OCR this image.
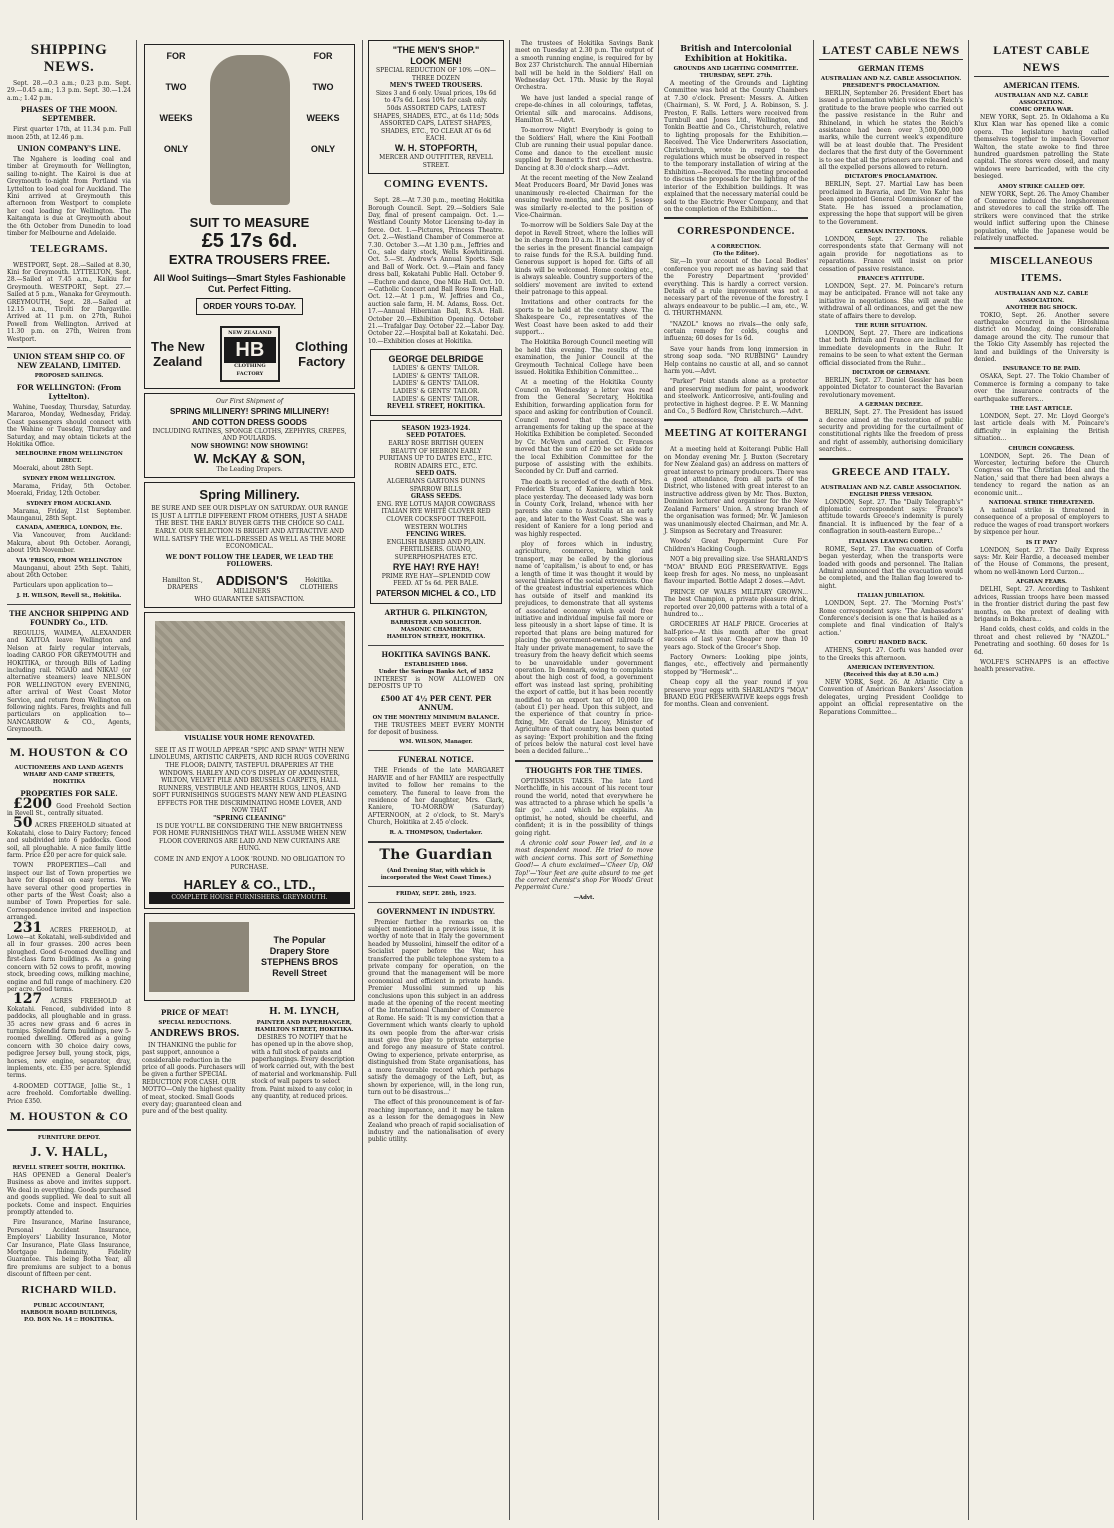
SHIPPING NEWS.
Sept. 28.—0.3 a.m.; 0.23 p.m. Sept. 29.—0.45 a.m.; 1.3 p.m. Sept. 30.—1.24 a.m.; 1.42 p.m.
PHASES OF THE MOON. SEPTEMBER.
First quarter 17th, at 11.34 p.m. Full moon 25th, at 12.46 p.m.
UNION COMPANY'S LINE.
The Ngahere is loading coal and timber at Greymouth for Wellington, sailing to-night. The Kairoi is due at Greymouth to-night from Portland via Lyttelton to load coal for Auckland. The Kini arrived at Greymouth this afternoon from Westport to complete her coal loading for Wellington. The Kaitangata is due at Greymouth about the 6th October from Dunedin to load timber for Melbourne and Adelaide.
TELEGRAMS.
WESTPORT, Sept. 28.—Sailed at 8.30, Kini for Greymouth. LYTTELTON, Sept. 28.—Sailed at 7.45 a.m., Kaikiu for Greymouth. WESTPORT, Sept. 27.—Sailed at 5 p.m., Wanaka for Greymouth. GREYMOUTH, Sept. 28.—Sailed at 12.15 a.m., Tiroiti for Dargaville. Arrived at 11 p.m. on 27th, Ruhoi Powell from Wellington. Arrived at 11.30 p.m. on 27th, Weiren from Westport.
UNION STEAM SHIP CO. OF NEW ZEALAND, LIMITED.
PROPOSED SAILINGS.
FOR WELLINGTON: (From Lyttelton).
Wahine, Tuesday, Thursday, Saturday. Mararoa, Monday, Wednesday, Friday. Coast passengers should connect with the Wahine or Tuesday, Thursday and Saturday, and may obtain tickets at the Hokitika Office.
MELBOURNE FROM WELLINGTON DIRECT.
Moeraki, about 28th Sept.
SYDNEY FROM WELLINGTON.
Marama, Friday, 5th October. Moeraki, Friday, 12th October.
SYDNEY FROM AUCKLAND.
Marama, Friday, 21st September. Maunganui, 28th Sept.
CANADA, AMERICA, LONDON, Etc.
Via Vancouver, from Auckland: Makura, about 9th October. Aorangi, about 19th November.
VIA 'FRISCO, FROM WELLINGTON
Maunganui, about 25th Sept. Tahiti, about 26th October.
Particulars upon application to—
J. H. WILSON, Revell St., Hokitika.
THE ANCHOR SHIPPING AND FOUNDRY Co., LTD.
REGULUS, WAIMEA, ALEXANDER and KAITOA leave Wellington and Nelson at fairly regular intervals, loading CARGO FOR GREYMOUTH and HOKITIKA, or through Bills of Lading including rail. NGAIO and NIKAU (or alternative steamers) leave NELSON FOR WELLINGTON every EVENING, after arrival of West Coast Motor Service, and return from Wellington on following nights. Fares, freights and full particulars on application to— NANCARROW & CO., Agents, Greymouth.
M. HOUSTON & CO
AUCTIONEERS AND LAND AGENTS
WHARF AND CAMP STREETS, HOKITIKA
PROPERTIES FOR SALE.
£200 Good Freehold Section in Revell St., centrally situated.
50 ACRES FREEHOLD situated at Kokatahi, close to Dairy Factory; fenced and subdivided into 6 paddocks. Good soil, all ploughable. A nice family little farm. Price £20 per acre for quick sale.
TOWN PROPERTIES—Call and inspect our list of Town properties we have for disposal on easy terms. We have several other good properties in other parts of the West Coast; also a number of Town Properties for sale. Correspondence invited and inspection arranged.
231 ACRES FREEHOLD, at Lowe—at Kokatahi, well-subdivided and all in four grasses. 200 acres been ploughed. Good 6-roomed dwelling and first-class farm buildings. As a going concern with 52 cows to profit, mowing stock, breeding cows, milking machine, engine and full range of machinery. £20 per acre. Good terms.
127 ACRES FREEHOLD at Kokatahi. Fenced, subdivided into 8 paddocks, all ploughable and in grass. 35 acres new grass and 6 acres in turnips. Splendid farm buildings, new 5-roomed dwelling. Offered as a going concern with 30 choice dairy cows, pedigree Jersey bull, young stock, pigs, horses, new engine, separator, dray, implements, etc. £35 per acre. Splendid terms.
4-ROOMED COTTAGE, Jollie St., 1 acre freehold. Comfortable dwelling. Price £350.
M. HOUSTON & CO
FURNITURE DEPOT.
J. V. HALL,
REVELL STREET SOUTH, HOKITIKA.
HAS OPENED a General Dealer's Business as above and invites support. We deal in everything. Goods purchased and goods supplied. We deal to suit all pockets. Come and inspect. Enquiries promptly attended to.
Fire Insurance, Marine Insurance, Personal Accident Insurance, Employers' Liability Insurance, Motor Car Insurance, Plate Glass Insurance, Mortgage Indemnity, Fidelity Guarantee. This being Botha Year, all fire premiums are subject to a bonus discount of fifteen per cent.
RICHARD WILD.
PUBLIC ACCOUNTANT,
HARBOUR BOARD BUILDINGS,
P.O. BOX No. 14 :: HOKITIKA.
FOR
TWO
WEEKS
ONLY
FOR
TWO
WEEKS
ONLY
SUIT TO MEASURE
£5 17s 6d.
EXTRA TROUSERS FREE.
All Wool Suitings—Smart Styles Fashionable Cut. Perfect Fitting.
ORDER YOURS TO-DAY.
The New
Zealand
NEW ZEALAND
HB
CLOTHING FACTORY
Clothing
Factory
Our First Shipment of
SPRING MILLINERY! SPRING MILLINERY!
AND COTTON DRESS GOODS
INCLUDING RATINES, SPONGE CLOTHS, ZEPHYRS, CREPES, AND FOULARDS.
NOW SHOWING! NOW SHOWING!
W. McKAY & SON,
The Leading Drapers.
Spring Millinery.
BE SURE AND SEE OUR DISPLAY ON SATURDAY. OUR RANGE IS JUST A LITTLE DIFFERENT FROM OTHERS, JUST A SHADE THE BEST. THE EARLY BUYER GETS THE CHOICE SO CALL EARLY. OUR SELECTION IS BRIGHT AND ATTRACTIVE AND WILL SATISFY THE WELL-DRESSED AS WELL AS THE MORE ECONOMICAL.
WE DON'T FOLLOW THE LEADER, WE LEAD THE FOLLOWERS.
Hamilton St., DRAPERS	ADDISON'S
MILLINERS
Hokitika. CLOTHIERS
WHO GUARANTEE SATISFACTION.
VISUALISE YOUR HOME RENOVATED.
SEE IT AS IT WOULD APPEAR "SPIC AND SPAN" WITH NEW LINOLEUMS, ARTISTIC CARPETS, AND RICH RUGS COVERING THE FLOOR; DAINTY, TASTEFUL DRAPERIES AT THE WINDOWS. HARLEY AND CO'S DISPLAY OF AXMINSTER, WILTON, VELVET PILE AND BRUSSELS CARPETS, HALL RUNNERS, VESTIBULE AND HEARTH RUGS, LINOS, AND SOFT FURNISHINGS SUGGESTS MANY NEW AND PLEASING EFFECTS FOR THE DISCRIMINATING HOME LOVER, AND NOW THAT
"SPRING CLEANING"
IS DUE YOU'LL BE CONSIDERING THE NEW BRIGHTNESS FOR HOME FURNISHINGS THAT WILL ASSUME WHEN NEW FLOOR COVERINGS ARE LAID AND NEW CURTAINS ARE HUNG.
COME IN AND ENJOY A LOOK 'ROUND. NO OBLIGATION TO PURCHASE.
HARLEY & CO., LTD.,
COMPLETE HOUSE FURNISHERS. GREYMOUTH.
The Popular
Drapery Store
STEPHENS BROS
Revell Street
PRICE OF MEAT!
SPECIAL REDUCTIONS.
ANDREWS BROS.
IN THANKING the public for past support, announce a considerable reduction in the price of all goods. Purchasers will be given a further SPECIAL REDUCTION FOR CASH. OUR MOTTO—Only the highest quality of meat, stocked. Small Goods every day; guaranteed clean and pure and of the best quality.
H. M. LYNCH,
PAINTER AND PAPERHANGER,
HAMILTON STREET, HOKITIKA.
DESIRES TO NOTIFY that he has opened up in the above shop, with a full stock of paints and paperhangings. Every description of work carried out, with the best of material and workmanship. Full stock of wall papers to select from. Paint mixed to any color, in any quantity, at reduced prices.
"THE MEN'S SHOP."
LOOK MEN!
SPECIAL REDUCTION OF 10% —ON— THREE DOZEN
MEN'S TWEED TROUSERS.
Sizes 3 and 6 only. Usual prices, 19s 6d to 47s 6d. Less 10% for cash only.
50ds ASSORTED CAPS, LATEST SHAPES, SHADES, ETC., at 6s 11d; 50ds ASSORTED CAPS, LATEST SHAPES, SHADES, ETC., TO CLEAR AT 6s 6d EACH.
W. H. STOPFORTH,
MERCER AND OUTFITTER, REVELL STREET.
COMING EVENTS.
Sept. 28.—At 7.30 p.m., meeting Hokitika Borough Council. Sept. 29.—Soldiers Sale Day, final of present campaign. Oct. 1.—Westland County Motor Licensing to-day in force. Oct. 1.—Pictures, Princess Theatre. Oct. 2.—Westland Chamber of Commerce at 7.30. October 3.—At 1.30 p.m., Jeffries and Co., sale dairy stock, Wells Kowhitirangi. Oct. 5.—St. Andrew's Annual Sports. Sale and Ball of Work. Oct. 9.—Plain and fancy dress ball, Kokatahi Public Hall. October 9.—Euchre and dance, One Mile Hall. Oct. 10.—Catholic Concert and Ball Ross Town Hall. Oct. 12.—At 1 p.m., W. Jeffries and Co., auction sale farm, H. M. Adams, Ross. Oct. 17.—Annual Hibernian Ball, R.S.A. Hall. October 20.—Exhibition Opening. October 21.—Trafalgar Day. October 22.—Labor Day. October 22.—Hospital ball at Kokatahi. Dec. 10.—Exhibition closes at Hokitika.
GEORGE DELBRIDGE
LADIES' & GENTS' TAILOR.
LADIES' & GENTS' TAILOR.
LADIES' & GENTS' TAILOR.
LADIES' & GENTS' TAILOR.
LADIES' & GENTS' TAILOR.
REVELL STREET, HOKITIKA.
SEASON 1923-1924.
SEED POTATOES.
EARLY ROSE BRITISH QUEEN BEAUTY OF HEBRON EARLY PURITANS UP TO DATES ETC., ETC. ROBIN ADAIRS ETC., ETC.
SEED OATS.
ALGERIANS GARTONS DUNNS SPARROW BILLS
GRASS SEEDS.
ENG. RYE LOTUS MAJOR COWGRASS ITALIAN RYE WHITE CLOVER RED CLOVER COCKSFOOT TREFOIL WESTERN WOLTHS
FENCING WIRES.
ENGLISH BARBED AND PLAIN. FERTILISERS. GUANO, SUPERPHOSPHATES ETC.
RYE HAY! RYE HAY!
PRIME RYE HAY—SPLENDID COW FEED. AT 5s 6d. PER BALE.
PATERSON MICHEL & CO., LTD
ARTHUR G. PILKINGTON,
BARRISTER AND SOLICITOR.
MASONIC CHAMBERS,
HAMILTON STREET, HOKITIKA.
HOKITIKA SAVINGS BANK.
ESTABLISHED 1866.
Under the Savings Banks Act, of 1852
INTEREST is NOW ALLOWED ON DEPOSITS UP TO
£500 AT 4½ PER CENT. PER ANNUM.
ON THE MONTHLY MINIMUM BALANCE.
THE TRUSTEES MEET EVERY MONTH for deposit of business.
WM. WILSON, Manager.
FUNERAL NOTICE.
THE Friends of the late MARGARET HARVIE and of her FAMILY are respectfully invited to follow her remains to the cemetery. The funeral to leave from the residence of her daughter, Mrs. Clark, Kaniere, TO-MORROW (Saturday) AFTERNOON, at 2 o'clock, to St. Mary's Church, Hokitika at 2.45 o'clock.
R. A. THOMPSON, Undertaker.
The Guardian
(And Evening Star, with which is incorporated the West Coast Times.)
FRIDAY, SEPT. 28th, 1923.
GOVERNMENT IN INDUSTRY.
Premier further the remarks on the subject mentioned in a previous issue, it is worthy of note that in Italy the government headed by Mussolini, himself the editor of a Socialist paper before the War, has transferred the public telephone system to a private company for operation, on the ground that the management will be more economical and efficient in private hands. Premier Mussolini summed up his conclusions upon this subject in an address made at the opening of the recent meeting of the International Chamber of Commerce at Rome. He said: 'It is my conviction that a Government which wants clearly to uphold its own people from the after-war crisis must give free play to private enterprise and forego any measure of State control. Owing to experience, private enterprise, as distinguished from State organisations, has a more favourable record which perhaps satisfy the demagogy of the Left, but, as shown by experience, will, in the long run, turn out to be disastrous...'
The effect of this pronouncement is of far-reaching importance, and it may be taken as a lesson for the demagogues in New Zealand who preach of rapid socialisation of industry and the nationalisation of every public utility.
The trustees of Hokitika Savings Bank meet on Tuesday at 2.30 p.m. The output of a smooth running engine, is required for by Box 237 Christchurch. The annual Hibernian ball will be held in the Soldiers' Hall on Wednesday Oct. 17th. Music by the Royal Orchestra.
We have just landed a special range of crepe-de-chines in all colourings, taffetas, Oriental silk and marocains. Addisons, Hamilton St.—Advt.
To-morrow Night! Everybody is going to the Soldiers' Hall, where the Kini Football Club are running their usual popular dance. Come and dance to the excellent music supplied by Bennett's first class orchestra. Dancing at 8.30 o'clock sharp.—Advt.
At the recent meeting of the New Zealand Meat Producers Board, Mr David Jones was unanimously re-elected Chairman for the ensuing twelve months, and Mr. J. S. Jessop was similarly re-elected to the position of Vice-Chairman.
To-morrow will be Soldiers Sale Day at the depot in Revell Street, where the lollies will be in charge from 10 a.m. It is the last day of the series in the present financial campaign to raise funds for the R.S.A. building fund. Generous support is hoped for. Gifts of all kinds will be welcomed. Home cooking etc., is always saleable. Country supporters of the soldiers' movement are invited to extend their patronage to this appeal.
Invitations and other contracts for the sports to be held at the county show. The Shakespeare Co., representatives of the West Coast have been asked to add their support...
The Hokitika Borough Council meeting will be held this evening. The results of the examination, the Junior Council at the Greymouth Technical College have been issued. Hokitika Exhibition Committee...
At a meeting of the Hokitika County Council on Wednesday a letter was read from the General Secretary, Hokitika Exhibition, forwarding application form for space and asking for contribution of Council. Council moved that the necessary arrangements for taking up the space at the Hokitika Exhibition be completed. Seconded by Cr. McVeyn and carried. Cr. Frances moved that the sum of £20 be set aside for the local Exhibition Committee for the purpose of assisting with the exhibits. Seconded by Cr. Duff and carried.
The death is recorded of the death of Mrs. Frederick Stuart, of Kaniere, which took place yesterday. The deceased lady was born in County Cork, Ireland, whence with her parents she came to Australia at an early age, and later to the West Coast. She was a resident of Kaniere for a long period and was highly respected.
ploy of forces which in industry, agriculture, commerce, banking and transport, may be called by the glorious name of 'capitalism,' is about to end, or has a length of time it was thought it would by several thinkers of the social extremists. One of the greatest industrial experiences which has outside of itself and mankind its prejudices, to demonstrate that all systems of associated economy which avoid free initiative and individual impulse fail more or less piteously in a short lapse of time. It is reported that plans are being matured for placing the government-owned railroads of Italy under private management, to save the treasury from the heavy deficit which seems to be unavoidable under government operation. In Denmark, owing to complaints about the high cost of food, a government effort was instead last spring, prohibiting the export of cattle, but it has been recently modified to an export tax of 10,000 lire (about £1) per head. Upon this subject, and the experience of that country in price-fixing, Mr. Gerald de Lacey, Minister of Agriculture of that country, has been quoted as saying: 'Export prohibition and the fixing of prices below the natural cost level have been a decided failure...'
THOUGHTS FOR THE TIMES.
OPTIMISMUS TAKES. The late Lord Northcliffe, in his account of his recent tour round the world, noted that everywhere he was attracted to a phrase which he spells 'a fair go.' ...and which he explains. An optimist, he noted, should be cheerful, and confident; it is in the possibility of things going right.
A chronic cold sour Power led, and in a most despondent mood. He tried to move with ancient corns. This sort of Something Good!— A chum exclaimed—'Cheer Up, Old Top!'—'Your feet are quite absurd to me get the correct chemist's shop For Woods' Great Peppermint Cure.'
—Advt.
British and Intercolonial Exhibition at Hokitika.
GROUNDS AND LIGHTING COMMITTEE.
THURSDAY, SEPT. 27th.
A meeting of the Grounds and Lighting Committee was held at the County Chambers at 7.30 o'clock. Present: Messrs. A. Aitken (Chairman), S. W. Ford, J. A. Robinson, S. J. Preston, F. Ralls. Letters were received from Turnbull and Jones Ltd., Wellington, and Tonkin Beattie and Co., Christchurch, relative to lighting proposals for the Exhibition.—Received. The Vice Underwriters Association, Christchurch, wrote in regard to the regulations which must be observed in respect to the temporary installation of wiring at the Exhibition.—Received. The meeting proceeded to discuss the proposals for the lighting of the interior of the Exhibition buildings. It was explained that the necessary material could be sold to the Electric Power Company, and that on the completion of the Exhibition...
CORRESPONDENCE.
A CORRECTION.
(To the Editor).
Sir,—In your account of the Local Bodies' conference you report me as having said that the Forestry Department 'provided' everything. This is hardly a correct version. Details of a rule improvement was not a necessary part of the revenue of the forestry. I always endeavour to be public.—I am, etc., W. G. THURTHMANN.
"NAZOL" knows no rivals—the only safe, certain remedy for colds, coughs and influenza; 60 doses for 1s 6d.
Save your hands from long immersion in strong soap soda. "NO RUBBING" Laundry Help contains no caustic at all, and so cannot harm you.—Advt.
"Parker" Point stands alone as a protector and preserving medium for paint, woodwork and steelwork. Anticorrosive, anti-fouling and protective in highest degree. P. E. W. Manning and Co., 5 Bedford Row, Christchurch.—Advt.
MEETING AT KOITERANGI
At a meeting held at Koiterangi Public Hall on Monday evening Mr. J. Buxton (Secretary for New Zealand gas) an address on matters of great interest to primary producers. There was a good attendance, from all parts of the District, who listened with great interest to an instructive address given by Mr. Thos. Buxton, Dominion lecturer and organiser for the New Zealand Farmers' Union. A strong branch of the organisation was formed; Mr. W. Jamieson was unanimously elected Chairman, and Mr. A. J. Simpson as Secretary and Treasurer.
Woods' Great Peppermint Cure For Children's Hacking Cough.
NOT a big prevailing size. Use SHARLAND'S "MOA" BRAND EGG PRESERVATIVE. Eggs keep fresh for ages. No mess, no unpleasant flavour imparted. Bottle Adapt 2 doses.—Advt.
PRINCE OF WALES MILITARY GROWN... The best Champion, a private pleasure drink, reported over 20,000 patterns with a total of a hundred to...
GROCERIES AT HALF PRICE. Groceries at half-price—At this month after the great success of last year. Cheaper now than 10 years ago. Stock of the Grocer's Shop.
Factory Owners: Looking pipe joints, flanges, etc., effectively and permanently stopped by "Hermesk"...
Cheap copy all the year round if you preserve your eggs with SHARLAND'S "MOA" BRAND EGG PRESERVATIVE keeps eggs fresh for months. Clean and convenient.
LATEST CABLE NEWS
GERMAN ITEMS
AUSTRALIAN AND N.Z. CABLE ASSOCIATION.
PRESIDENT'S PROCLAMATION.
BERLIN, September 26. President Ebert has issued a proclamation which voices the Reich's gratitude to the brave people who carried out the passive resistance in the Ruhr and Rhineland, in which he states the Reich's assistance had been over 3,500,000,000 marks, while the current week's expenditure will be at least double that. The President declares that the first duty of the Government is to see that all the prisoners are released and all the expelled persons allowed to return.
DICTATOR'S PROCLAMATION.
BERLIN, Sept. 27. Martial Law has been proclaimed in Bavaria, and Dr. Von Kahr has been appointed General Commissioner of the State. He has issued a proclamation, expressing the hope that support will be given to the Government.
GERMAN INTENTIONS.
LONDON, Sept. 27. The reliable correspondents state that Germany will not again provide for negotiations as to reparations. France will insist on prior cessation of passive resistance.
FRANCE'S ATTITUDE.
LONDON, Sept. 27. M. Poincare's return may be anticipated. France will not take any initiative in negotiations. She will await the withdrawal of all ordinances, and get the new state of affairs there to develop.
THE RUHR SITUATION.
LONDON, Sept. 27. There are indications that both Britain and France are inclined for immediate developments in the Ruhr. It remains to be seen to what extent the German official dissociated from the Ruhr...
DICTATOR OF GERMANY.
BERLIN, Sept. 27. Daniel Gessler has been appointed Dictator to counteract the Bavarian revolutionary movement.
A GERMAN DECREE.
BERLIN, Sept. 27. The President has issued a decree aimed at the restoration of public security and providing for the curtailment of constitutional rights like the freedom of press and right of assembly, authorising domiciliary searches...
GREECE AND ITALY.
AUSTRALIAN AND N.Z. CABLE ASSOCIATION.
ENGLISH PRESS VERSION.
LONDON, Sept. 27. The "Daily Telegraph's" diplomatic correspondent says: 'France's attitude towards Greece's indemnity is purely financial. It is influenced by the fear of a conflagration in south-eastern Europe...'
ITALIANS LEAVING CORFU.
ROME, Sept. 27. The evacuation of Corfu began yesterday, when the transports were loaded with goods and personnel. The Italian Admiral announced that the evacuation would be completed, and the Italian flag lowered to-night.
ITALIAN JUBILATION.
LONDON, Sept. 27. The 'Morning Post's' Rome correspondent says: 'The Ambassadors' Conference's decision is one that is hailed as a complete and final vindication of Italy's action.'
CORFU HANDED BACK.
ATHENS, Sept. 27. Corfu was handed over to the Greeks this afternoon.
AMERICAN INTERVENTION.
(Received this day at 8.50 a.m.)
NEW YORK, Sept. 26. At Atlantic City a Convention of American Bankers' Association delegates, urging President Coolidge to appoint an official representative on the Reparations Committee...
LATEST CABLE NEWS
AMERICAN ITEMS.
AUSTRALIAN AND N.Z. CABLE ASSOCIATION.
COMIC OPERA WAR.
NEW YORK, Sept. 25. In Oklahoma a Ku Klux Klan war has opened like a comic opera. The legislature having called themselves together to impeach Governor Walton, the state awoke to find three hundred guardsmen patrolling the State capital. The stores were closed, and many windows were barricaded, with the city besieged.
AMOY STRIKE CALLED OFF.
NEW YORK, Sept. 26. The Amoy Chamber of Commerce induced the longshoremen and stevedores to call the strike off. The strikers were convinced that the strike would inflict suffering upon the Chinese population, while the Japanese would be relatively unaffected.
MISCELLANEOUS ITEMS.
AUSTRALIAN AND N.Z. CABLE ASSOCIATION.
ANOTHER BIG SHOCK.
TOKIO, Sept. 26. Another severe earthquake occurred in the Hiroshima district on Monday, doing considerable damage around the city. The rumour that the Tokio City Assembly has rejected the land and buildings of the University is denied.
INSURANCE TO BE PAID.
OSAKA, Sept. 27. The Tokio Chamber of Commerce is forming a company to take over the insurance contracts of the earthquake sufferers...
THE LAST ARTICLE.
LONDON, Sept. 27. Mr. Lloyd George's last article deals with M. Poincare's difficulty in explaining the British situation...
CHURCH CONGRESS.
LONDON, Sept. 26. The Dean of Worcester, lecturing before the Church Congress on 'The Christian Ideal and the Nation,' said that there had been always a tendency to regard the nation as an economic unit...
NATIONAL STRIKE THREATENED.
A national strike is threatened in consequence of a proposal of employers to reduce the wages of road transport workers by sixpence per hour.
IS IT PAY?
LONDON, Sept. 27. The Daily Express says: Mr. Keir Hardie, a deceased member of the House of Commons, the present, whom no well-known Lord Curzon...
AFGHAN FEARS.
DELHI, Sept. 27. According to Tashkent advices, Russian troops have been massed in the frontier district during the past few months, on the pretext of dealing with brigands in Bokhara...
Hand colds, chest colds, and colds in the throat and chest relieved by "NAZOL." Penetrating and soothing. 60 doses for 1s 6d.
WOLFE'S SCHNAPPS is an effective health preservative.
